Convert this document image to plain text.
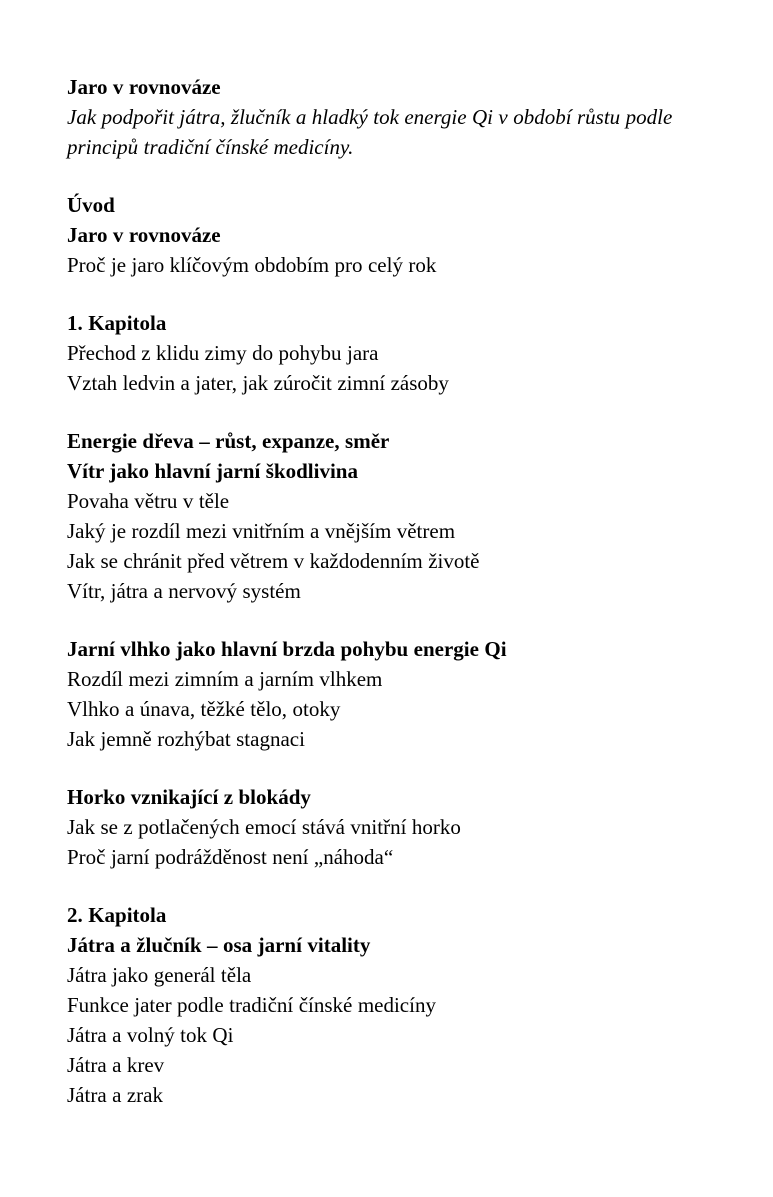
Jaro v rovnováze
Jak podpořit játra, žlučník a hladký tok energie Qi v období růstu podle principů tradiční čínské medicíny.
Úvod
Jaro v rovnováze
Proč je jaro klíčovým obdobím pro celý rok
1. Kapitola
Přechod z klidu zimy do pohybu jara
Vztah ledvin a jater, jak zúročit zimní zásoby
Energie dřeva – růst, expanze, směr
Vítr jako hlavní jarní škodlivina
Povaha větru v těle
Jaký je rozdíl mezi vnitřním a vnějším větrem
Jak se chránit před větrem v každodenním životě
Vítr, játra a nervový systém
Jarní vlhko jako hlavní brzda pohybu energie Qi
Rozdíl mezi zimním a jarním vlhkem
Vlhko a únava, těžké tělo, otoky
Jak jemně rozhýbat stagnaci
Horko vznikající z blokády
Jak se z potlačených emocí stává vnitřní horko
Proč jarní podrážděnost není „náhoda“
2. Kapitola
Játra a žlučník – osa jarní vitality
Játra jako generál těla
Funkce jater podle tradiční čínské medicíny
Játra a volný tok Qi
Játra a krev
Játra a zrak
